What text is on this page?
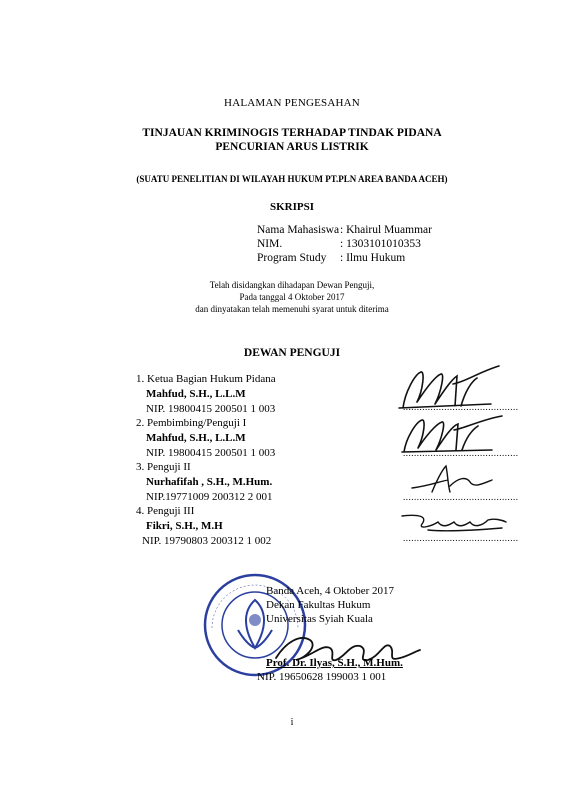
HALAMAN PENGESAHAN
TINJAUAN KRIMINOGIS TERHADAP TINDAK PIDANA
PENCURIAN ARUS LISTRIK
(SUATU PENELITIAN DI WILAYAH HUKUM PT.PLN AREA BANDA ACEH)
SKRIPSI
Nama Mahasiswa : Khairul Muammar
NIM.	: 1303101010353
Program Study : Ilmu Hukum
Telah disidangkan dihadapan Dewan Penguji,
Pada tanggal 4 Oktober 2017
dan dinyatakan telah memenuhi syarat untuk diterima
DEWAN PENGUJI
1. Ketua Bagian Hukum Pidana
Mahfud, S.H., L.L.M
NIP. 19800415 200501 1 003
2. Pembimbing/Penguji I
Mahfud, S.H., L.L.M
NIP. 19800415 200501 1 003
3. Penguji II
Nurhafifah , S.H., M.Hum.
NIP.19771009 200312 2 001
4. Penguji III
Fikri, S.H., M.H
NIP. 19790803 200312 1 002
..........................................
..........................................
..........................................
..........................................
Banda Aceh, 4 Oktober 2017
Dekan Fakultas Hukum
Universitas Syiah Kuala
Prof. Dr. Ilyas, S.H., M.Hum.
NIP. 19650628 199003 1 001
i
